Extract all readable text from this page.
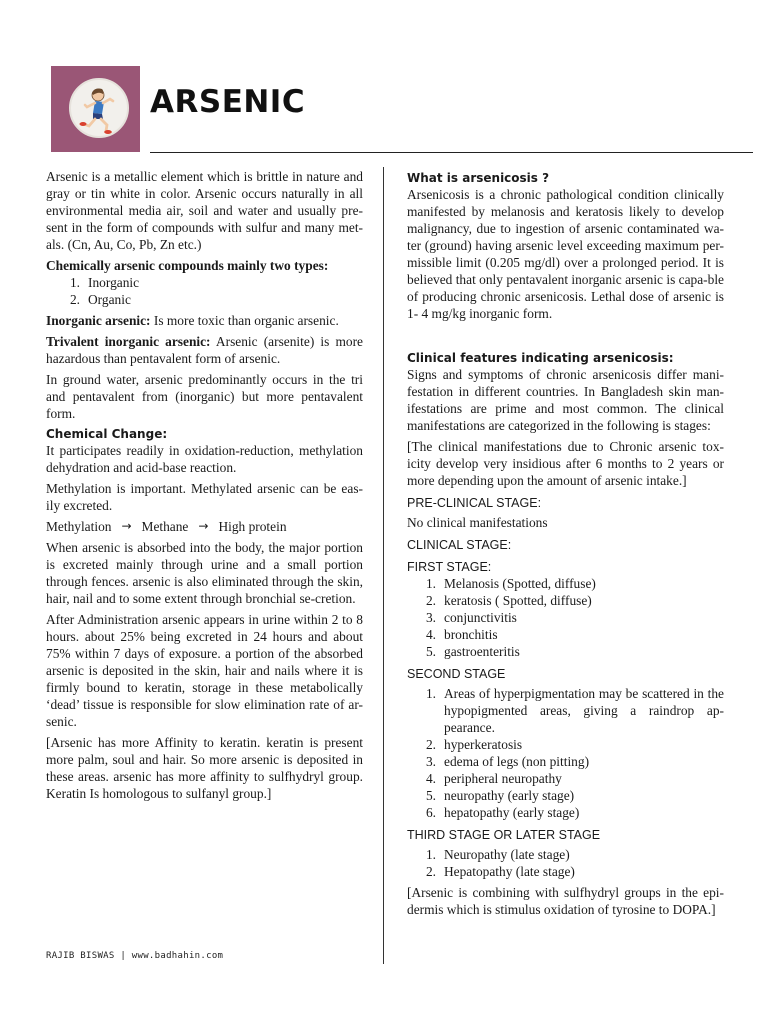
ARSENIC

Arsenic is a metallic element which is brittle in nature and gray or tin white in color. Arsenic occurs naturally in all environmental media air, soil and water and usually pre-sent in the form of compounds with sulfur and many met-als. (Cn, Au, Co, Pb, Zn etc.)

Chemically arsenic compounds mainly two types:

1. Inorganic
2. Organic

Inorganic arsenic: Is more toxic than organic arsenic.

Trivalent inorganic arsenic: Arsenic (arsenite) is more hazardous than pentavalent form of arsenic.

In ground water, arsenic predominantly occurs in the tri and pentavalent from (inorganic) but more pentavalent form.

Chemical Change:

It participates readily in oxidation-reduction, methylation dehydration and acid-base reaction.

Methylation is important. Methylated arsenic can be eas-ily excreted.

Methylation → Methane → High protein

When arsenic is absorbed into the body, the major portion is excreted mainly through urine and a small portion through fences. arsenic is also eliminated through the skin, hair, nail and to some extent through bronchial se-cretion.

After Administration arsenic appears in urine within 2 to 8 hours. about 25% being excreted in 24 hours and about 75% within 7 days of exposure. a portion of the absorbed arsenic is deposited in the skin, hair and nails where it is firmly bound to keratin, storage in these metabolically ‘dead’ tissue is responsible for slow elimination rate of ar-senic.

[Arsenic has more Affinity to keratin. keratin is present more palm, soul and hair. So more arsenic is deposited in these areas. arsenic has more affinity to sulfhydryl group. Keratin Is homologous to sulfanyl group.]

What is arsenicosis ?

Arsenicosis is a chronic pathological condition clinically manifested by melanosis and keratosis likely to develop malignancy, due to ingestion of arsenic contaminated wa-ter (ground) having arsenic level exceeding maximum per-missible limit (0.205 mg/dl) over a prolonged period. It is believed that only pentavalent inorganic arsenic is capa-ble of producing chronic arsenicosis. Lethal dose of arsenic is 1- 4 mg/kg inorganic form.

Clinical features indicating arsenicosis:

Signs and symptoms of chronic arsenicosis differ mani-festation in different countries. In Bangladesh skin man-ifestations are prime and most common. The clinical manifestations are categorized in the following is stages:

[The clinical manifestations due to Chronic arsenic tox-icity develop very insidious after 6 months to 2 years or more depending upon the amount of arsenic intake.]

PRE-CLINICAL STAGE:

No clinical manifestations

CLINICAL STAGE:
FIRST STAGE:
1. Melanosis (Spotted, diffuse)
2. keratosis ( Spotted, diffuse)
3. conjunctivitis
4. bronchitis
5. gastroenteritis
SECOND STAGE
1. Areas of hyperpigmentation may be scattered in the hypopigmented areas, giving a raindrop ap-pearance.
2. hyperkeratosis
3. edema of legs (non pitting)
4. peripheral neuropathy
5. neuropathy (early stage)
6. hepatopathy (early stage)
THIRD STAGE OR LATER STAGE
1. Neuropathy (late stage)
2. Hepatopathy (late stage)

[Arsenic is combining with sulfhydryl groups in the epi-dermis which is stimulus oxidation of tyrosine to DOPA.]

RAJIB BISWAS | www.badhahin.com
